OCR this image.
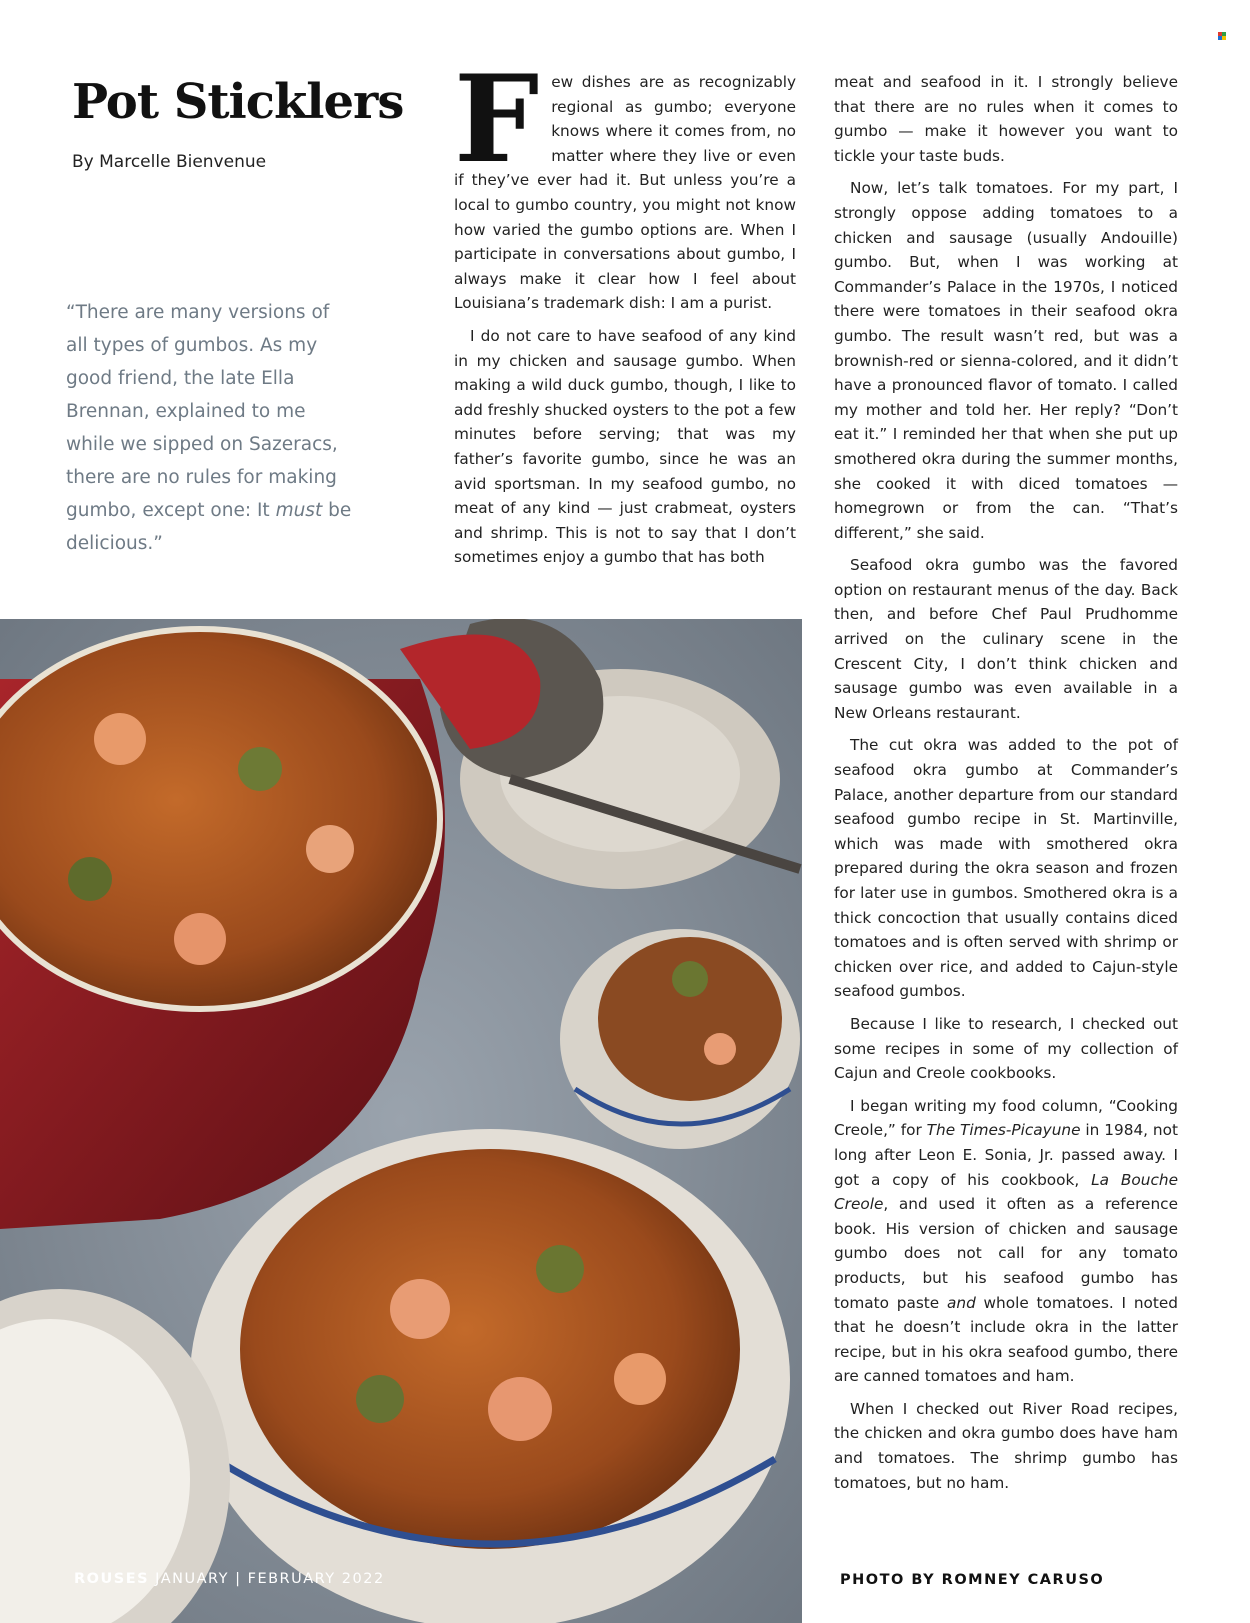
Pot Sticklers
By Marcelle Bienvenue

“There are many versions of all types of gumbos. As my good friend, the late Ella Brennan, explained to me while we sipped on Sazeracs, there are no rules for making gumbo, except one: It must be delicious.”

Few dishes are as recognizably regional as gumbo; everyone knows where it comes from, no matter where they live or even if they’ve ever had it. But unless you’re a local to gumbo country, you might not know how varied the gumbo options are. When I participate in conversations about gumbo, I always make it clear how I feel about Louisiana’s trademark dish: I am a purist.

I do not care to have seafood of any kind in my chicken and sausage gumbo. When making a wild duck gumbo, though, I like to add freshly shucked oysters to the pot a few minutes before serving; that was my father’s favorite gumbo, since he was an avid sportsman. In my seafood gumbo, no meat of any kind — just crabmeat, oysters and shrimp. This is not to say that I don’t sometimes enjoy a gumbo that has both

meat and seafood in it. I strongly believe that there are no rules when it comes to gumbo — make it however you want to tickle your taste buds.

Now, let’s talk tomatoes. For my part, I strongly oppose adding tomatoes to a chicken and sausage (usually Andouille) gumbo. But, when I was working at Commander’s Palace in the 1970s, I noticed there were tomatoes in their seafood okra gumbo. The result wasn’t red, but was a brownish-red or sienna-colored, and it didn’t have a pronounced flavor of tomato. I called my mother and told her. Her reply? “Don’t eat it.” I reminded her that when she put up smothered okra during the summer months, she cooked it with diced tomatoes — homegrown or from the can. “That’s different,” she said.

Seafood okra gumbo was the favored option on restaurant menus of the day. Back then, and before Chef Paul Prudhomme arrived on the culinary scene in the Crescent City, I don’t think chicken and sausage gumbo was even available in a New Orleans restaurant.

The cut okra was added to the pot of seafood okra gumbo at Commander’s Palace, another departure from our standard seafood gumbo recipe in St. Martinville, which was made with smothered okra prepared during the okra season and frozen for later use in gumbos. Smothered okra is a thick concoction that usually contains diced tomatoes and is often served with shrimp or chicken over rice, and added to Cajun-style seafood gumbos.

Because I like to research, I checked out some recipes in some of my collection of Cajun and Creole cookbooks.

I began writing my food column, “Cooking Creole,” for The Times-Picayune in 1984, not long after Leon E. Sonia, Jr. passed away. I got a copy of his cookbook, La Bouche Creole, and used it often as a reference book. His version of chicken and sausage gumbo does not call for any tomato products, but his seafood gumbo has tomato paste and whole tomatoes. I noted that he doesn’t include okra in the latter recipe, but in his okra seafood gumbo, there are canned tomatoes and ham.

When I checked out River Road recipes, the chicken and okra gumbo does have ham and tomatoes. The shrimp gumbo has tomatoes, but no ham.

ROUSES JANUARY | FEBRUARY 2022	PHOTO BY ROMNEY CARUSO
